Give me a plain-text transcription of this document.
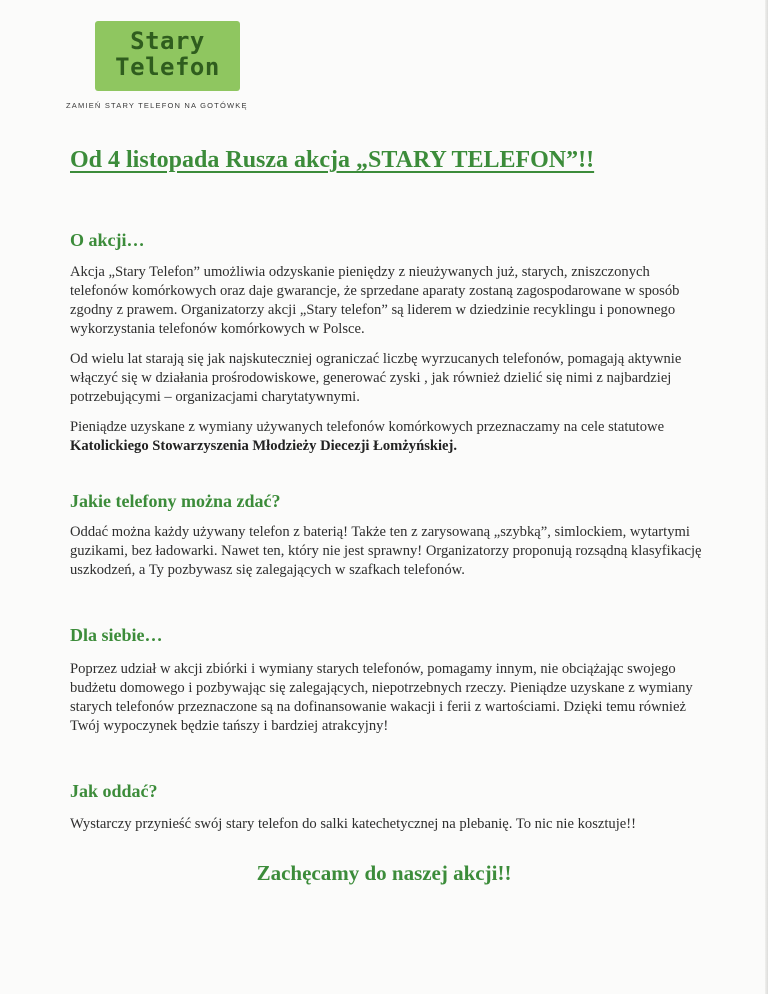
Stary
Telefon
ZAMIEŃ STARY TELEFON NA GOTÓWKĘ
Od 4 listopada Rusza akcja „STARY TELEFON”!!
O akcji…

Akcja „Stary Telefon” umożliwia odzyskanie pieniędzy z nieużywanych już, starych, zniszczonych telefonów komórkowych oraz daje gwarancje, że sprzedane aparaty zostaną zagospodarowane w sposób zgodny z prawem. Organizatorzy akcji „Stary telefon” są liderem w dziedzinie recyklingu i ponownego wykorzystania telefonów komórkowych w Polsce.

Od wielu lat starają się jak najskuteczniej ograniczać liczbę wyrzucanych telefonów, pomagają aktywnie włączyć się w działania prośrodowiskowe, generować zyski , jak również dzielić się nimi z najbardziej potrzebującymi – organizacjami charytatywnymi.

Pieniądze uzyskane z wymiany używanych telefonów komórkowych przeznaczamy na cele statutowe Katolickiego Stowarzyszenia Młodzieży Diecezji Łomżyńskiej.

Jakie telefony można zdać?

Oddać można każdy używany telefon z baterią! Także ten z zarysowaną „szybką”, simlockiem, wytartymi guzikami, bez ładowarki. Nawet ten, który nie jest sprawny! Organizatorzy proponują rozsądną klasyfikację uszkodzeń, a Ty pozbywasz się zalegających w szafkach telefonów.

Dla siebie…

Poprzez udział w akcji zbiórki i wymiany starych telefonów, pomagamy innym, nie obciążając swojego budżetu domowego i pozbywając się zalegających, niepotrzebnych rzeczy. Pieniądze uzyskane z wymiany starych telefonów przeznaczone są na dofinansowanie wakacji i ferii z wartościami. Dzięki temu również Twój wypoczynek będzie tańszy i bardziej atrakcyjny!

Jak oddać?

Wystarczy przynieść swój stary telefon do salki katechetycznej na plebanię. To nic nie kosztuje!!

Zachęcamy do naszej akcji!!
